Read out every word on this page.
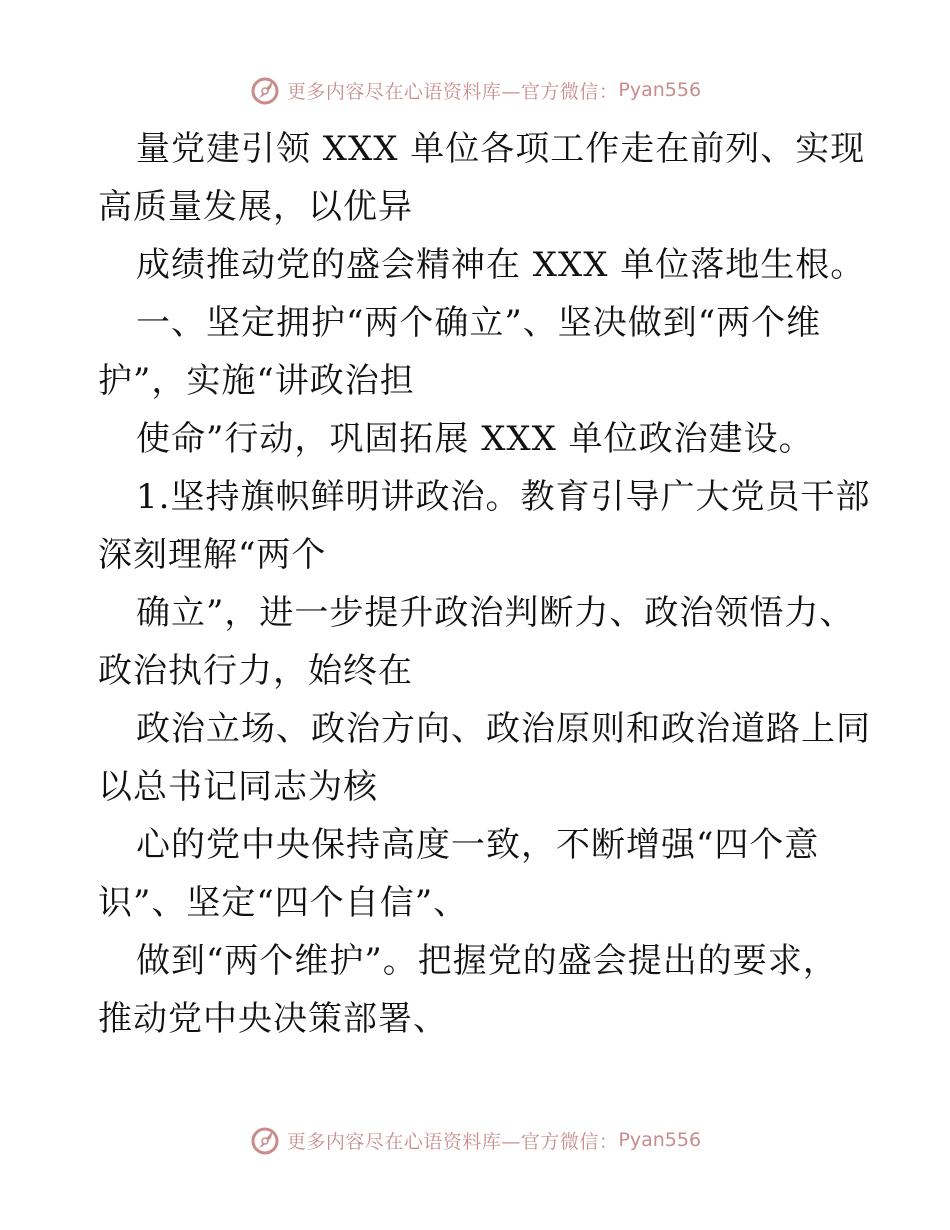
更多内容尽在心语资料库—官方微信： Pyan556
量党建引领 XXX 单位各项工作走在前列、实现
高质量发展，以优异
成绩推动党的盛会精神在 XXX 单位落地生根。
一、坚定拥护“两个确立”、坚决做到“两个维
护”，实施“讲政治担
使命”行动，巩固拓展 XXX 单位政治建设。
1.坚持旗帜鲜明讲政治。教育引导广大党员干部
深刻理解“两个
确立”，进一步提升政治判断力、政治领悟力、
政治执行力，始终在
政治立场、政治方向、政治原则和政治道路上同
以总书记同志为核
心的党中央保持高度一致，不断增强“四个意
识”、坚定“四个自信”、
做到“两个维护”。把握党的盛会提出的要求，
推动党中央决策部署、
更多内容尽在心语资料库—官方微信： Pyan556
